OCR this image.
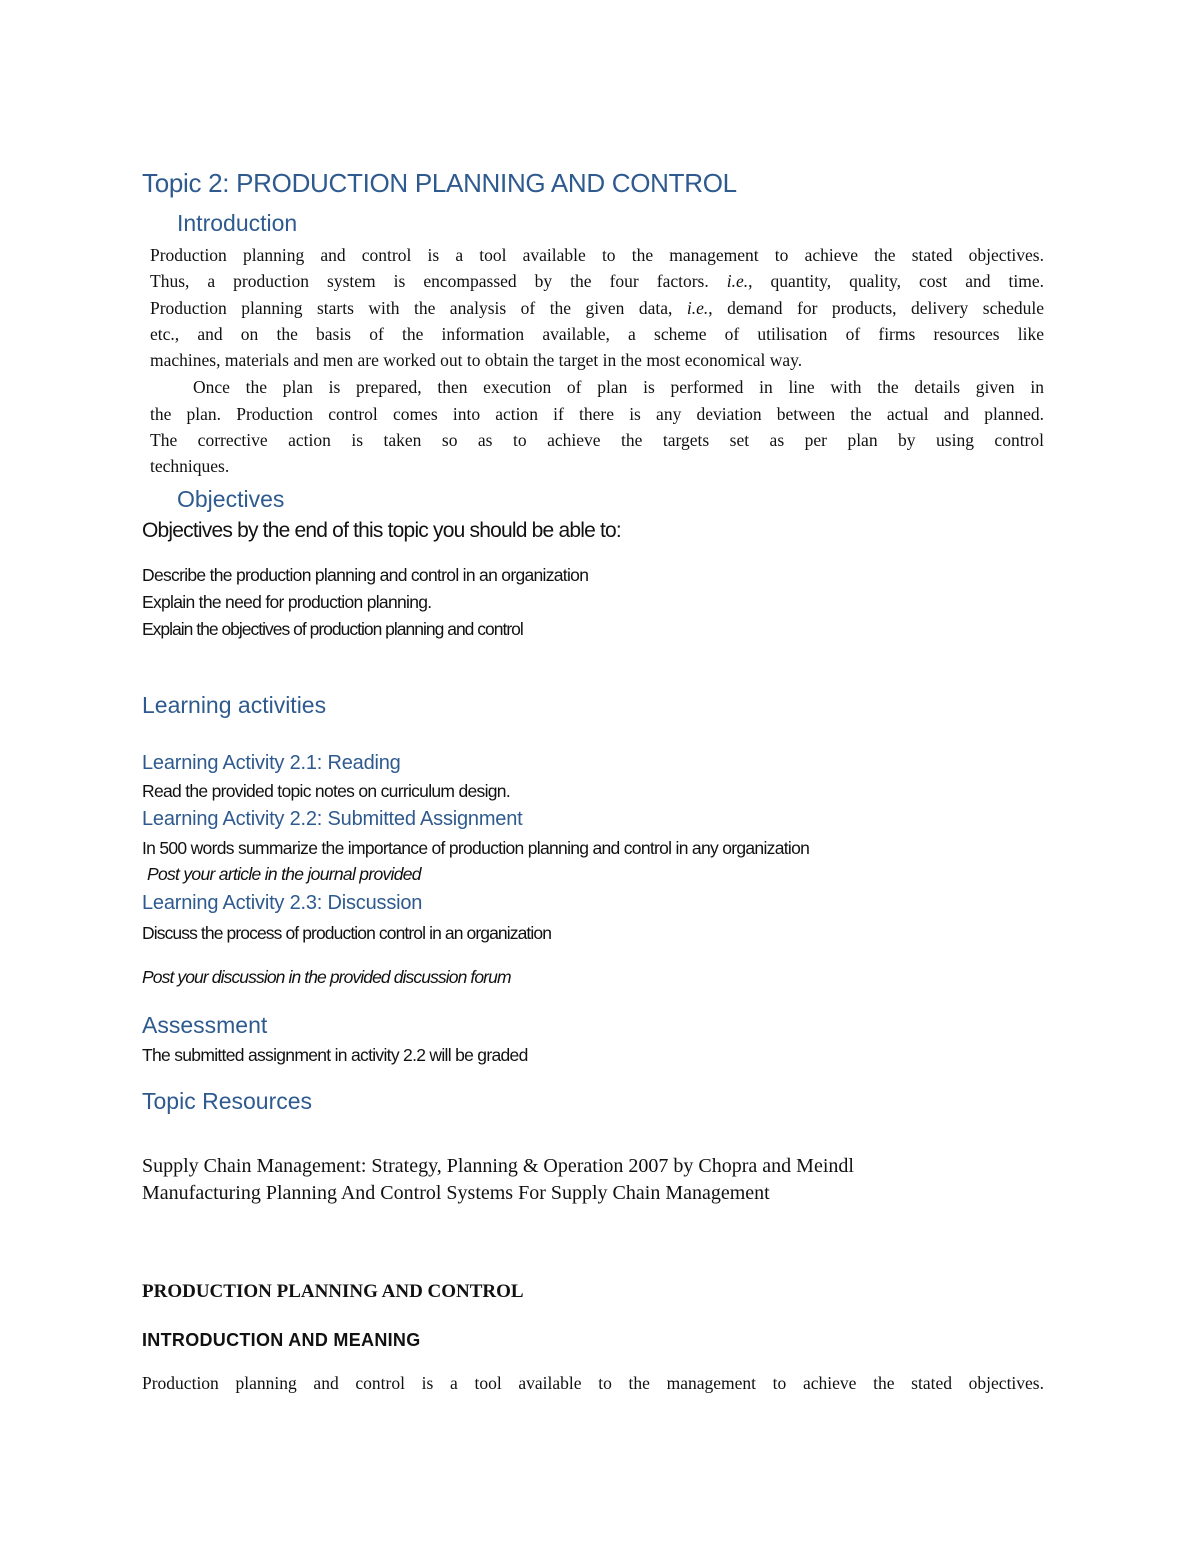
Topic 2: PRODUCTION PLANNING AND CONTROL
Introduction
Production planning and control is a tool available to the management to achieve the stated objectives.
Thus, a production system is encompassed by the four factors. i.e., quantity, quality, cost and time.
Production planning starts with the analysis of the given data, i.e., demand for products, delivery schedule
etc., and on the basis of the information available, a scheme of utilisation of firms resources like
machines, materials and men are worked out to obtain the target in the most economical way.
Once the plan is prepared, then execution of plan is performed in line with the details given in
the plan. Production control comes into action if there is any deviation between the actual and planned.
The corrective action is taken so as to achieve the targets set as per plan by using control
techniques.
Objectives
Objectives by the end of this topic you should be able to:
Describe the production planning and control in an organization
Explain the need for production planning.
Explain the objectives of production planning and control
Learning activities
Learning Activity 2.1: Reading
Read the provided topic notes on curriculum design.
Learning Activity 2.2: Submitted Assignment
In 500 words summarize the importance of production planning and control in any organization
Post your article in the journal provided
Learning Activity 2.3: Discussion
Discuss the process of production control in an organization
Post your discussion in the provided discussion forum
Assessment
The submitted assignment in activity 2.2 will be graded
Topic Resources
Supply Chain Management: Strategy, Planning & Operation 2007 by Chopra and Meindl
Manufacturing Planning And Control Systems For Supply Chain Management
PRODUCTION PLANNING AND CONTROL
INTRODUCTION AND MEANING
Production planning and control is a tool available to the management to achieve the stated objectives.
